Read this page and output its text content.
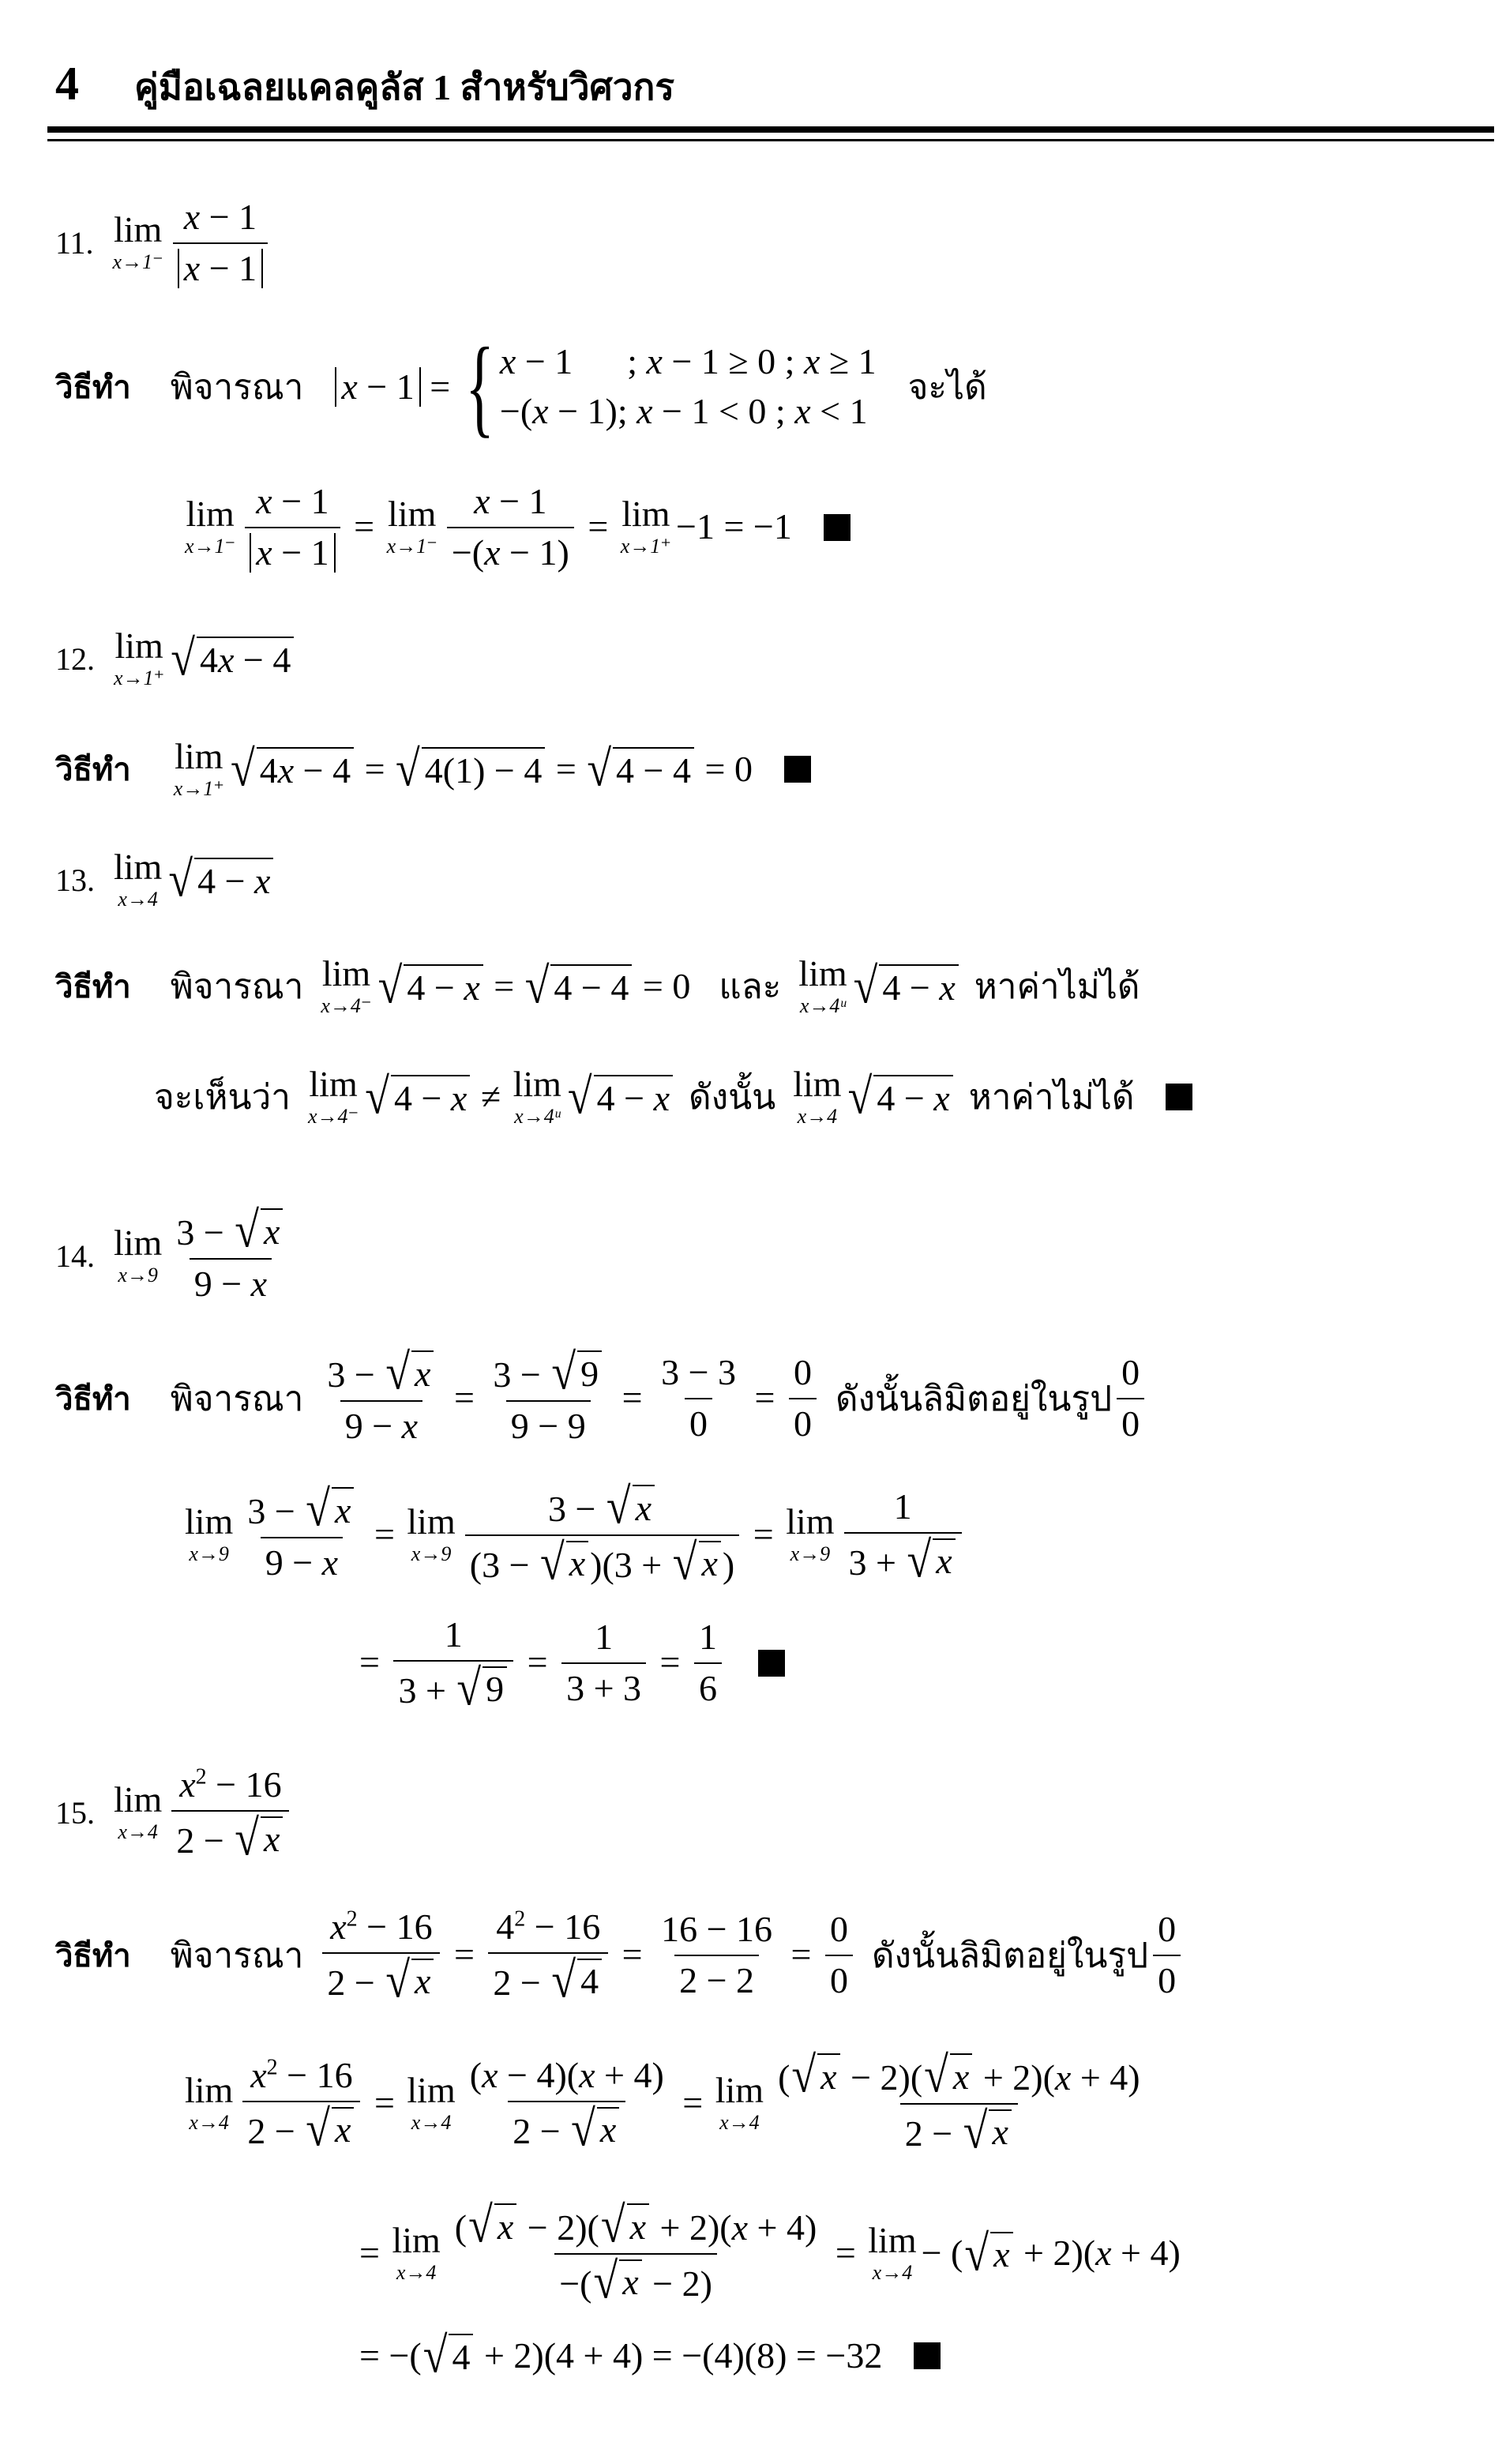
4	คู่มือเฉลยแคลคูลัส 1 สำหรับวิศวกร
11. lim
$x\to 1^- \frac{x - 1}{x - 1}$
วิธีทำ พิจารณา x − 1 = { x − 1      ; x − 1 ≥ 0 ; x ≥ 1
−(x − 1); x − 1 < 0 ; x < 1
จะได้
lim
$x\to 1^- \frac{x - 1}{x - 1} = \lim$
$x\to 1^- \frac{x - 1}{-(x - 1)} = \lim$
x→1⁺ −1 = −1
12. lim
x→1⁺ √ 4 x − 4
วิธีทำ lim
x→1⁺ √ 4 x − 4 = √ 4(1) − 4 = √ 4 − 4 = 0
13. lim
x→4 √ 4 − x
วิธีทำ พิจารณา lim
x→4⁻ √ 4 − x = √ 4 − 4 = 0 และ lim
x→4ᵘ √ 4 − x หาค่าไม่ได้
จะเห็นว่า lim
x→4⁻ √ 4 − x ≠ lim
x→4ᵘ √ 4 − x ดังนั้น lim
x→4 √ 4 − x หาค่าไม่ได้
14. lim
$x\to 9 \frac{3 - √ x}{9 - x}$
วิธีทำ พิจารณา $\frac{3 - √ x}{9 - x} = \frac{3 - √ 9}{9 - 9} = \frac{3 - 3}{0} = \frac{0}{0}$ ดังนั้นลิมิตอยู่ในรูป $\frac{0}{0}$
lim
$x\to 9 \frac{3 - √ x}{9 - x} = \lim$
$x\to 9 \frac{3 - √ x}{(3 - √ x )(3 + √ x )} = \lim$
$x\to 9 \frac{1}{3 + √ x}$
= $\frac{1}{3 + √ 9} = \frac{1}{3 + 3} = \frac{1}{6}$
15. lim
$x\to 4 \frac{x^2 - 16}{2 - √ x}$
วิธีทำ พิจารณา $\frac{x^2 - 16}{2 - √ x} = \frac{4^2 - 16}{2 - √ 4} = \frac{16 - 16}{2 - 2} = \frac{0}{0}$ ดังนั้นลิมิตอยู่ในรูป $\frac{0}{0}$
lim
$x\to 4 \frac{x^2 - 16}{2 - √ x} = \lim$
$x\to 4 \frac{(x - 4)(x + 4)}{2 - √ x} = \lim$
$x\to 4 \frac{( √ x - 2)( √ x + 2)(x + 4)}{2 - √ x}$
= lim
$x\to 4 \frac{( √ x - 2)( √ x + 2)(x + 4)}{-( √ x - 2)} = \lim$
x→4 − ( √ x + 2)( x + 4)
= −( √ 4 + 2)(4 + 4) = −(4)(8) = −32
